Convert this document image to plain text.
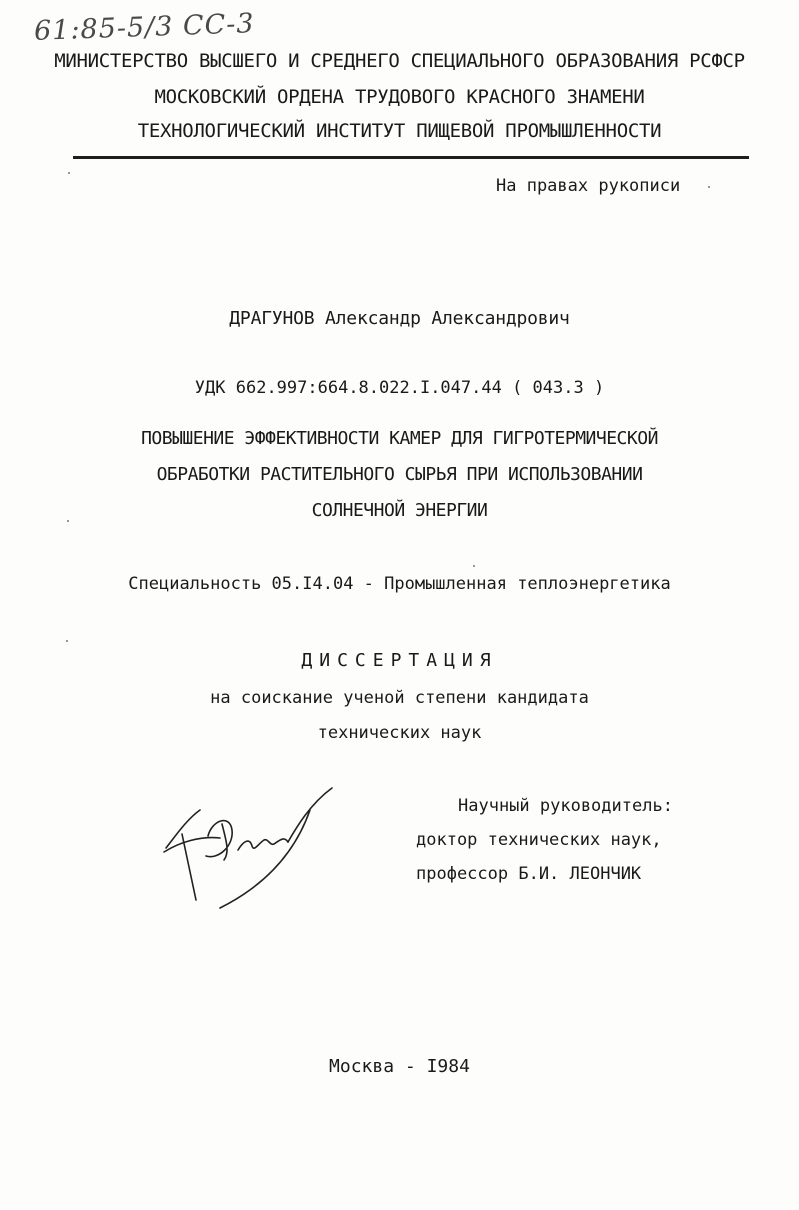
61:85-5/3 СС-3
МИНИСТЕРСТВО ВЫСШЕГО И СРЕДНЕГО СПЕЦИАЛЬНОГО ОБРАЗОВАНИЯ РСФСР
МОСКОВСКИЙ ОРДЕНА ТРУДОВОГО КРАСНОГО ЗНАМЕНИ
ТЕХНОЛОГИЧЕСКИЙ ИНСТИТУТ ПИЩЕВОЙ ПРОМЫШЛЕННОСТИ
На правах рукописи
ДРАГУНОВ Александр Александрович
УДК 662.997:664.8.022.I.047.44 ( 043.3 )
ПОВЫШЕНИЕ ЭФФЕКТИВНОСТИ КАМЕР ДЛЯ ГИГРОТЕРМИЧЕСКОЙ
ОБРАБОТКИ РАСТИТЕЛЬНОГО СЫРЬЯ ПРИ ИСПОЛЬЗОВАНИИ
СОЛНЕЧНОЙ ЭНЕРГИИ
Специальность 05.I4.04 - Промышленная теплоэнергетика
ДИССЕРТАЦИЯ
на соискание ученой степени кандидата
технических наук
Научный руководитель:
доктор технических наук,
профессор Б.И. ЛЕОНЧИК
Москва - I984
